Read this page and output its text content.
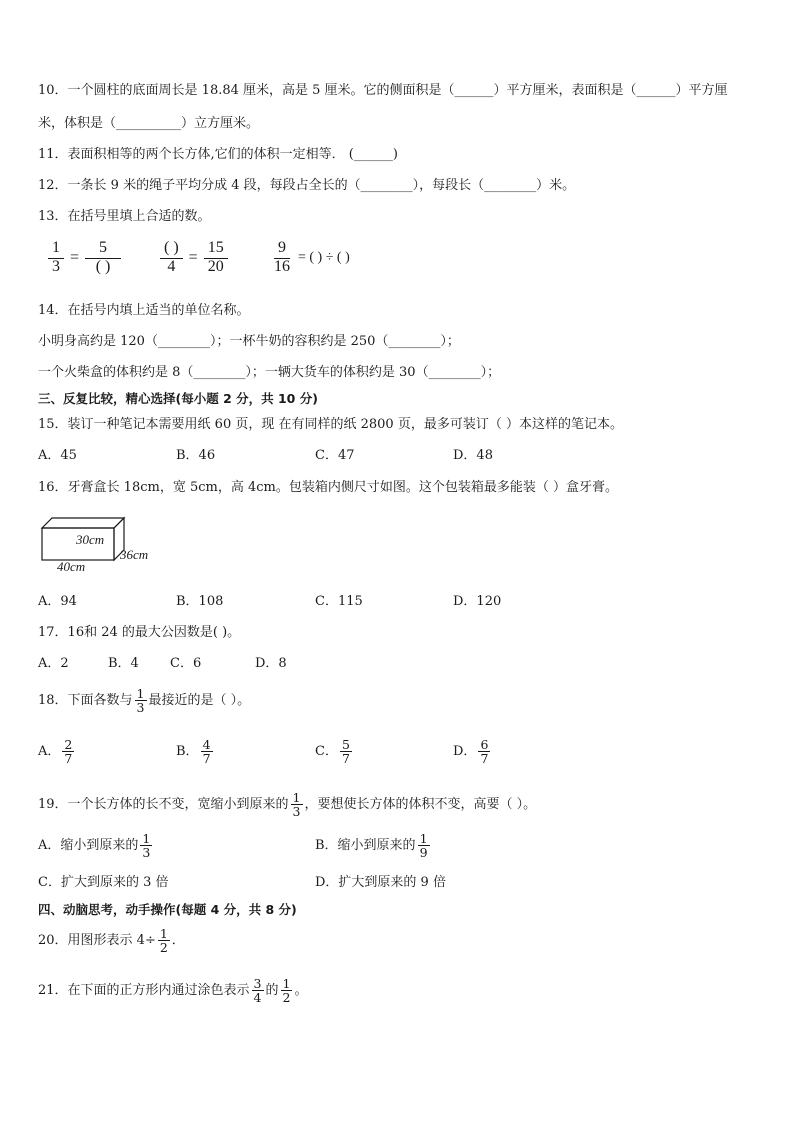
10．一个圆柱的底面周长是 18.84 厘米，高是 5 厘米。它的侧面积是（______）平方厘米，表面积是（______）平方厘
米，体积是（__________）立方厘米。
11．表面积相等的两个长方体,它们的体积一定相等． (______)
12．一条长 9 米的绳子平均分成 4 段，每段占全长的（________），每段长（________）米。
13．在括号里填上合适的数。
$\frac{1}{3} = \frac{5}{( )} \frac{( )}{4} = \frac{15}{20}$	$\frac{9}{16}$ = ( ) ÷ ( )
14．在括号内填上适当的单位名称。
小明身高约是 120（________）；一杯牛奶的容积约是 250（________）；
一个火柴盒的体积约是 8（________）；一辆大货车的体积约是 30（________）；
三、反复比较，精心选择(每小题 2 分，共 10 分)
15．装订一种笔记本需要用纸 60 页，现 在有同样的纸 2800 页，最多可装订（ ）本这样的笔记本。
A．45	B．46	C．47	D．48
16．牙膏盒长 18cm，宽 5cm，高 4cm。包装箱内侧尺寸如图。这个包装箱最多能装（ ）盒牙膏。
30cm
36cm
40cm
A．94	B．108	C．115	D．120
17．16和 24 的最大公因数是( )。
A．2	B．4 C．6	D．8
18．下面各数与 $\frac{1}{3}$ 最接近的是（ ）。
A． $\frac{2}{7}$	B． $\frac{4}{7}$	C． $\frac{5}{7}$	D． $\frac{6}{7}$
19．一个长方体的长不变，宽缩小到原来的 $\frac{1}{3}$ ，要想使长方体的体积不变，高要（ ）。
A．缩小到原来的 $\frac{1}{3}$	B．缩小到原来的 $\frac{1}{9}$
C．扩大到原来的 3 倍	D．扩大到原来的 9 倍
四、动脑思考，动手操作(每题 4 分，共 8 分)
20．用图形表示 $4\div \frac{1}{2}$ ．
21．在下面的正方形内通过涂色表示 $\frac{3}{4}$ 的 $\frac{1}{2}$ 。
